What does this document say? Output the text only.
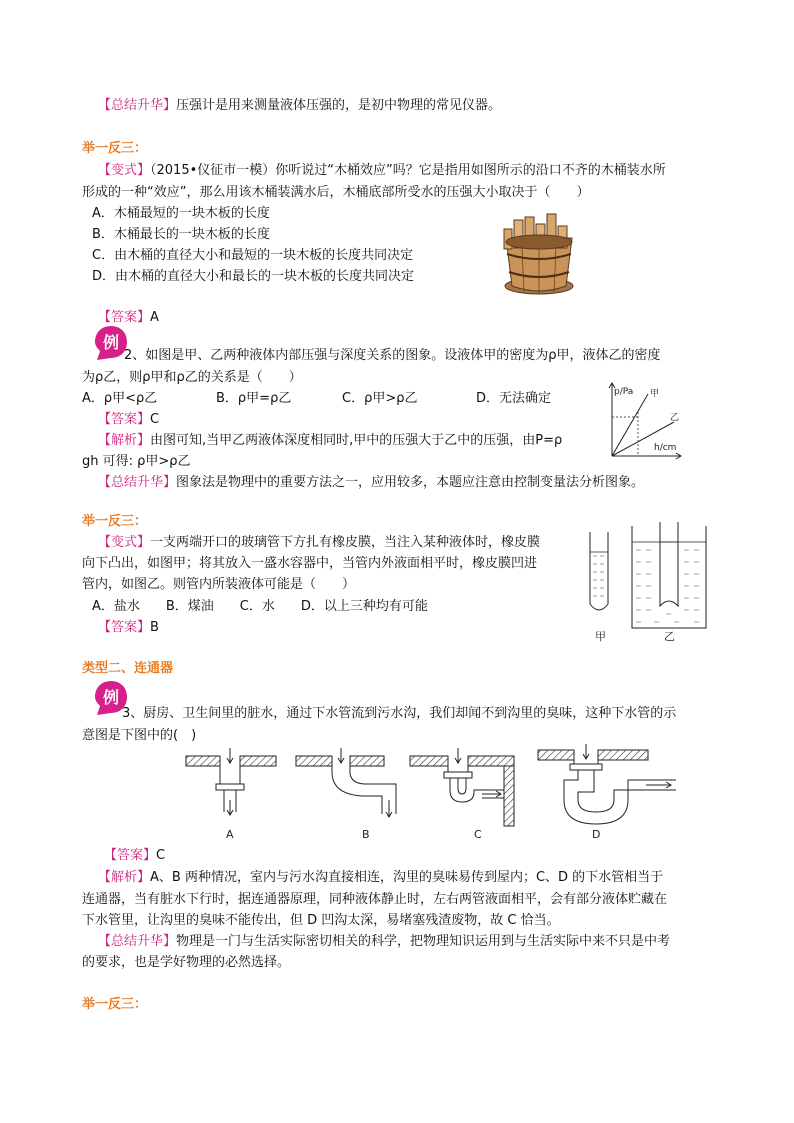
【总结升华】压强计是用来测量液体压强的，是初中物理的常见仪器。
举一反三：
【变式】（2015•仪征市一模）你听说过“木桶效应”吗？它是指用如图所示的沿口不齐的木桶装水所
形成的一种“效应”，那么用该木桶装满水后，木桶底部所受水的压强大小取决于（　　）
A．木桶最短的一块木板的长度
B．木桶最长的一块木板的长度
C．由木桶的直径大小和最短的一块木板的长度共同决定
D．由木桶的直径大小和最长的一块木板的长度共同决定
【答案】A
例
2、如图是甲、乙两种液体内部压强与深度关系的图象。设液体甲的密度为ρ甲，液体乙的密度
为ρ乙，则ρ甲和ρ乙的关系是（　　）
A．ρ甲<ρ乙	B．ρ甲=ρ乙	C．ρ甲>ρ乙	D．无法确定
【答案】C
【解析】由图可知,当甲乙两液体深度相同时,甲中的压强大于乙中的压强，由P=ρ
gh 可得: ρ甲>ρ乙
【总结升华】图象法是物理中的重要方法之一，应用较多，本题应注意由控制变量法分析图象。
p/Pa
h/cm
甲
乙
举一反三：
【变式】一支两端开口的玻璃管下方扎有橡皮膜，当注入某种液体时，橡皮膜
向下凸出，如图甲；将其放入一盛水容器中，当管内外液面相平时，橡皮膜凹进
管内，如图乙。则管内所装液体可能是（　　）
A．盐水　　B．煤油　　C．水　　D．以上三种均有可能
【答案】B
甲	乙
类型二、连通器
例
3、厨房、卫生间里的脏水，通过下水管流到污水沟，我们却闻不到沟里的臭味，这种下水管的示
意图是下图中的(　)
A	B	C	D
【答案】C
【解析】A、B 两种情况，室内与污水沟直接相连，沟里的臭味易传到屋内；C、D 的下水管相当于
连通器，当有脏水下行时，据连通器原理，同种液体静止时，左右两管液面相平，会有部分液体贮藏在
下水管里，让沟里的臭味不能传出，但 D 凹沟太深，易堵塞残渣废物，故 C 恰当。
【总结升华】物理是一门与生活实际密切相关的科学，把物理知识运用到与生活实际中来不只是中考
的要求，也是学好物理的必然选择。
举一反三：
